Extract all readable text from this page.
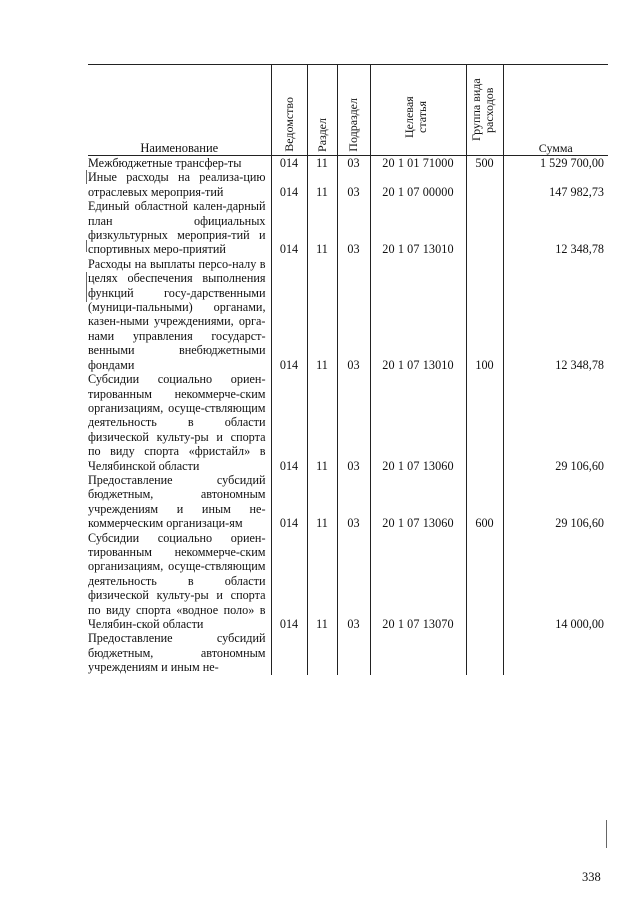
Наименование	Ведомство	Раздел	Подраздел	Целевая статья	Группа вида расходов	Сумма
Межбюджетные трансфер-ты	014	11	03	20 1 01 71000	500	1 529 700,00
Иные расходы на реализа-цию отраслевых мероприя-тий	014	11	03	20 1 07 00000		147 982,73
Единый областной кален-дарный план официальных физкультурных мероприя-тий и спортивных меро-приятий	014	11	03	20 1 07 13010		12 348,78
Расходы на выплаты персо-налу в целях обеспечения выполнения функций госу-дарственными (муници-пальными) органами, казен-ными учреждениями, орга-нами управления государст-венными внебюджетными фондами	014	11	03	20 1 07 13010	100	12 348,78
Субсидии социально ориен-тированным некоммерче-ским организациям, осуще-ствляющим деятельность в области физической культу-ры и спорта по виду спорта «фристайл» в Челябинской области	014	11	03	20 1 07 13060		29 106,60
Предоставление субсидий бюджетным, автономным учреждениям и иным не-коммерческим организаци-ям	014	11	03	20 1 07 13060	600	29 106,60
Субсидии социально ориен-тированным некоммерче-ским организациям, осуще-ствляющим деятельность в области физической культу-ры и спорта по виду спорта «водное поло» в Челябин-ской области	014	11	03	20 1 07 13070		14 000,00
Предоставление субсидий бюджетным, автономным учреждениям и иным не-						
338
